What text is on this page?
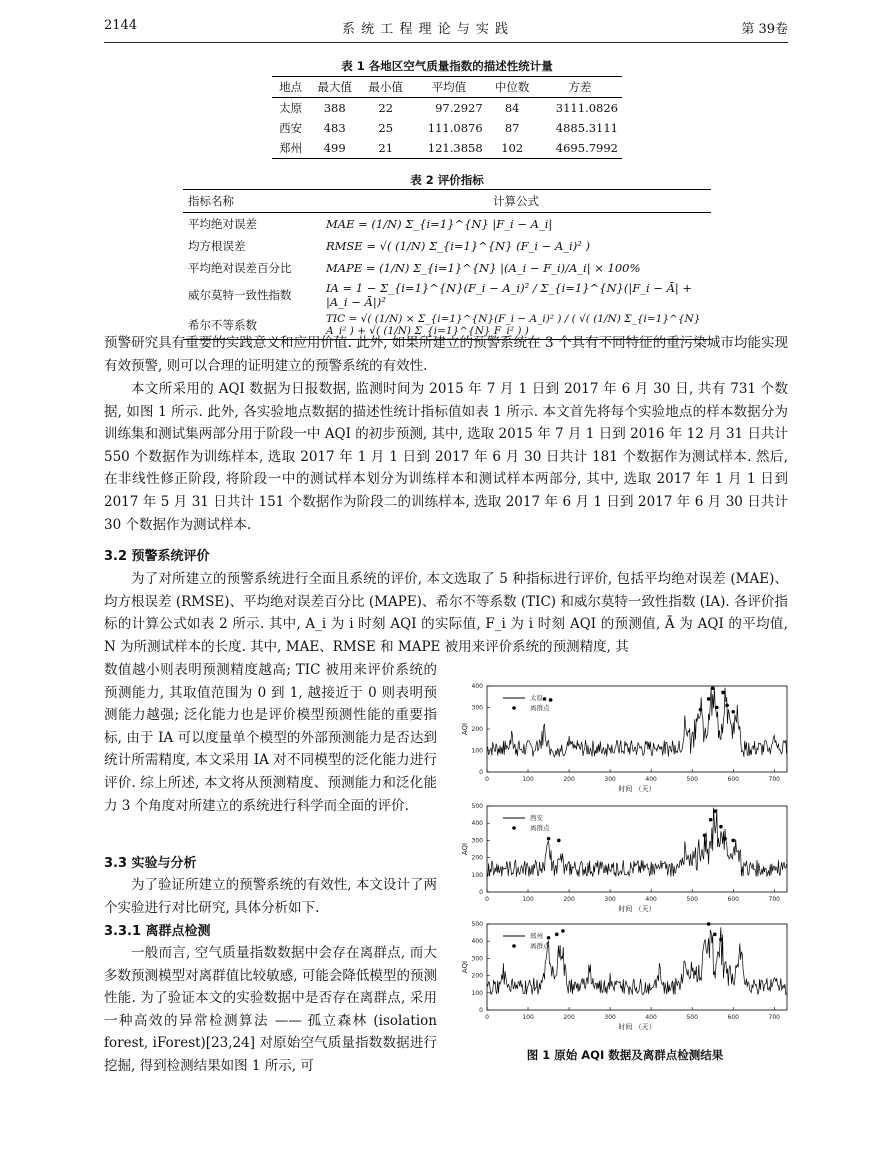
2144	系 统 工 程 理 论 与 实 践	第 39卷
表 1 各地区空气质量指数的描述性统计量
地点	最大值	最小值	平均值	中位数	方差
太原	388	22	97.2927	84	3111.0826
西安	483	25	111.0876	87	4885.3111
郑州	499	21	121.3858	102	4695.7992
表 2 评价指标
指标名称	计算公式
平均绝对误差	MAE = (1/N) Σ_{i=1}^{N} |F_i − A_i|
均方根误差	RMSE = √( (1/N) Σ_{i=1}^{N} (F_i − A_i)² )
平均绝对误差百分比	MAPE = (1/N) Σ_{i=1}^{N} |(A_i − F_i)/A_i| × 100%
威尔莫特一致性指数	IA = 1 − Σ_{i=1}^{N}(F_i − A_i)² / Σ_{i=1}^{N}(|F_i − Ā| + |A_i − Ā|)²
希尔不等系数	TIC = √( (1/N) × Σ_{i=1}^{N}(F_i − A_i)² ) / ( √( (1/N) Σ_{i=1}^{N} A_i² ) + √( (1/N) Σ_{i=1}^{N} F_i² ) )
预警研究具有重要的实践意义和应用价值. 此外, 如果所建立的预警系统在 3 个具有不同特征的重污染城市均能实现有效预警, 则可以合理的证明建立的预警系统的有效性.
本文所采用的 AQI 数据为日报数据, 监测时间为 2015 年 7 月 1 日到 2017 年 6 月 30 日, 共有 731 个数据, 如图 1 所示. 此外, 各实验地点数据的描述性统计指标值如表 1 所示. 本文首先将每个实验地点的样本数据分为训练集和测试集两部分用于阶段一中 AQI 的初步预测, 其中, 选取 2015 年 7 月 1 日到 2016 年 12 月 31 日共计 550 个数据作为训练样本, 选取 2017 年 1 月 1 日到 2017 年 6 月 30 日共计 181 个数据作为测试样本. 然后, 在非线性修正阶段, 将阶段一中的测试样本划分为训练样本和测试样本两部分, 其中, 选取 2017 年 1 月 1 日到 2017 年 5 月 31 日共计 151 个数据作为阶段二的训练样本, 选取 2017 年 6 月 1 日到 2017 年 6 月 30 日共计 30 个数据作为测试样本.
3.2 预警系统评价
为了对所建立的预警系统进行全面且系统的评价, 本文选取了 5 种指标进行评价, 包括平均绝对误差 (MAE)、均方根误差 (RMSE)、平均绝对误差百分比 (MAPE)、希尔不等系数 (TIC) 和威尔莫特一致性指数 (IA). 各评价指标的计算公式如表 2 所示. 其中, A_i 为 i 时刻 AQI 的实际值, F_i 为 i 时刻 AQI 的预测值, Ā 为 AQI 的平均值, N 为所测试样本的长度. 其中, MAE、RMSE 和 MAPE 被用来评价系统的预测精度, 其
数值越小则表明预测精度越高; TIC 被用来评价系统的预测能力, 其取值范围为 0 到 1, 越接近于 0 则表明预测能力越强; 泛化能力也是评价模型预测性能的重要指标, 由于 IA 可以度量单个模型的外部预测能力是否达到统计所需精度, 本文采用 IA 对不同模型的泛化能力进行评价. 综上所述, 本文将从预测精度、预测能力和泛化能力 3 个角度对所建立的系统进行科学而全面的评价.
3.3 实验与分析
为了验证所建立的预警系统的有效性, 本文设计了两个实验进行对比研究, 具体分析如下.
3.3.1 离群点检测
一般而言, 空气质量指数数据中会存在离群点, 而大多数预测模型对离群值比较敏感, 可能会降低模型的预测性能. 为了验证本文的实验数据中是否存在离群点, 采用一种高效的异常检测算法 —— 孤立森林 (isolation forest, iForest)[23,24] 对原始空气质量指数数据进行挖掘, 得到检测结果如图 1 所示, 可
0
100
200
300
400
0	100	200	300	400	500	600	700
AQI
时间 （天）
太原
离群点
0
100
200
300
400
500
0	100	200	300	400	500	600	700
AQI
时间 （天）
西安
离群点
0
100
200
300
400
500
0	100	200	300	400	500	600	700
AQI
时间 （天）
郑州
离群点
图 1 原始 AQI 数据及离群点检测结果
